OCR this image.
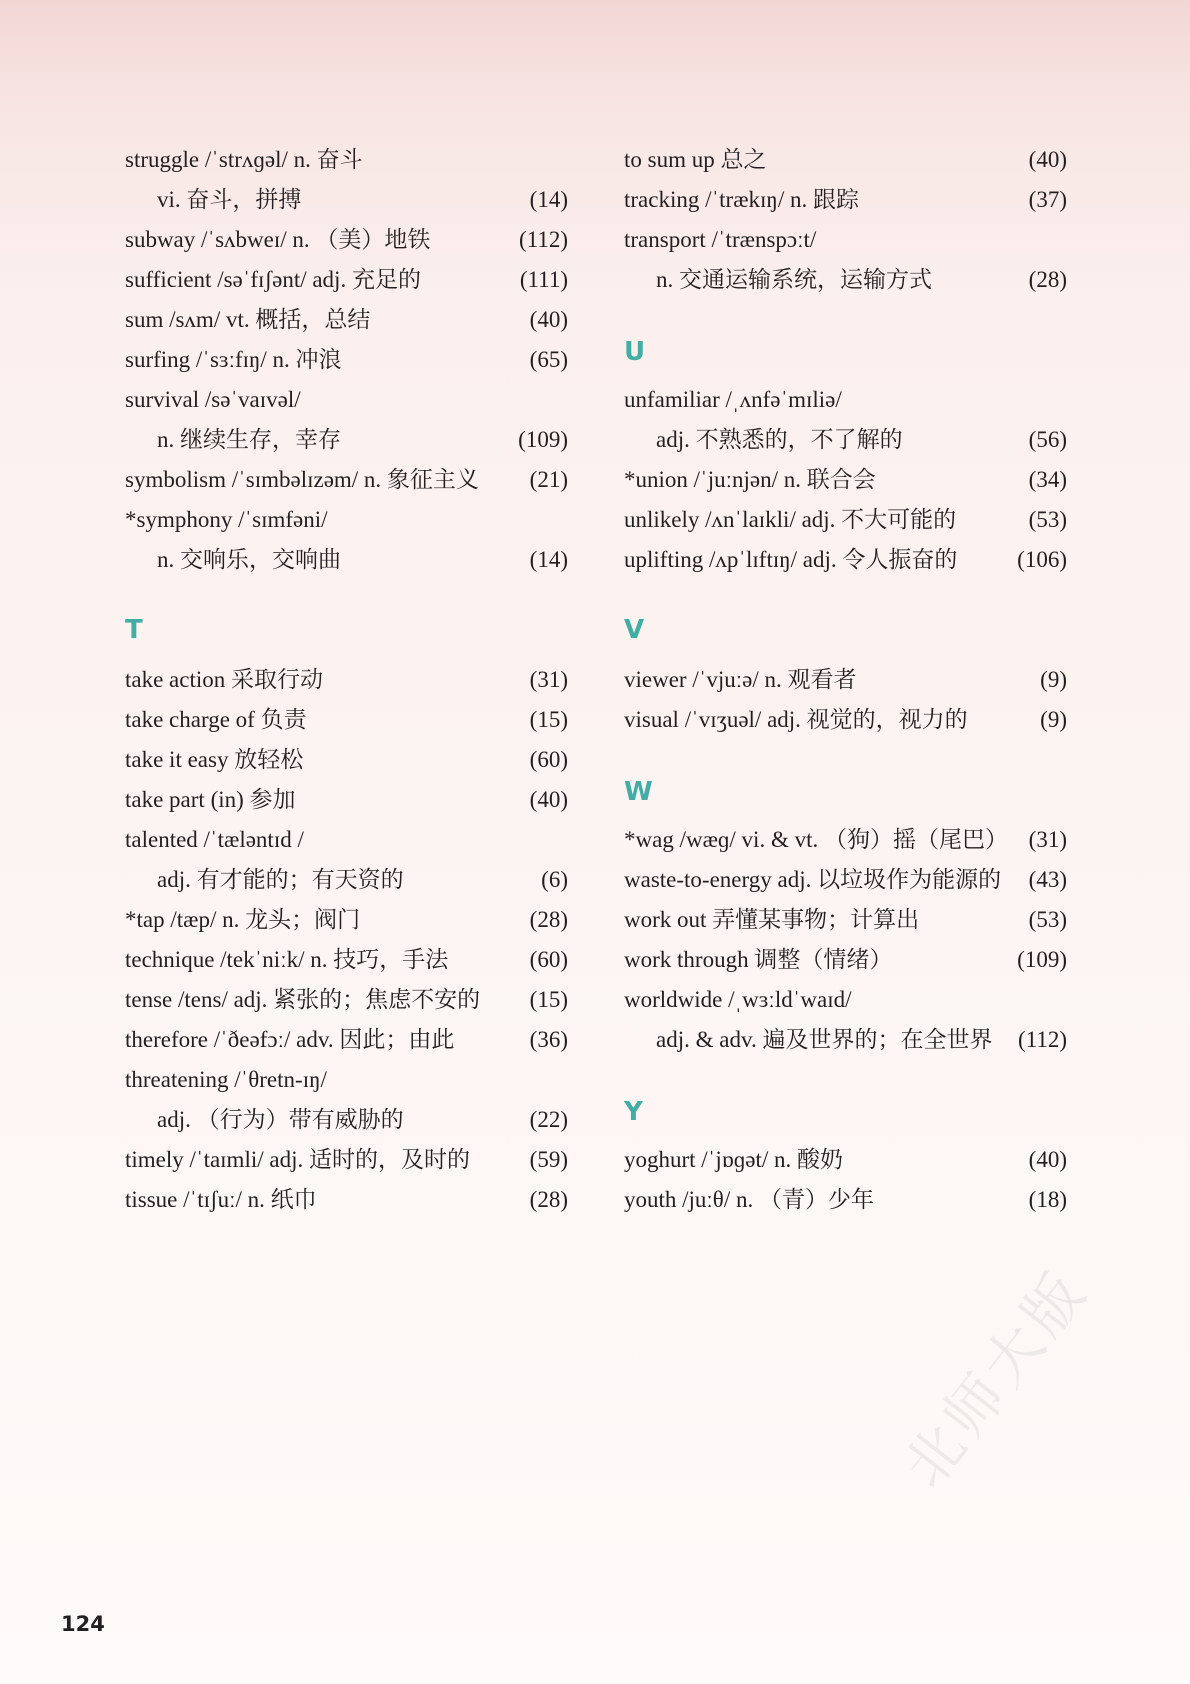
struggle /ˈstrʌɡəl/ n. 奋斗
vi. 奋斗，拼搏	(14)
subway /ˈsʌbweɪ/ n. （美）地铁	(112)
sufficient /səˈfɪʃənt/ adj. 充足的	(111)
sum /sʌm/ vt. 概括，总结	(40)
surfing /ˈsɜːfɪŋ/ n. 冲浪	(65)
survival /səˈvaɪvəl/
n. 继续生存，幸存	(109)
symbolism /ˈsɪmbəlɪzəm/ n. 象征主义 (21)
*symphony /ˈsɪmfəni/
n. 交响乐，交响曲	(14)
T
take action 采取行动	(31)
take charge of 负责	(15)
take it easy 放轻松	(60)
take part (in) 参加	(40)
talented /ˈtæləntɪd /
adj. 有才能的；有天资的	(6)
*tap /tæp/ n. 龙头；阀门	(28)
technique /tekˈniːk/ n. 技巧，手法	(60)
tense /tens/ adj. 紧张的；焦虑不安的 (15)
therefore /ˈðeəfɔː/ adv. 因此；由此	(36)
threatening /ˈθretn-ɪŋ/
adj. （行为）带有威胁的	(22)
timely /ˈtaɪmli/ adj. 适时的，及时的	(59)
tissue /ˈtɪʃuː/ n. 纸巾	(28)
to sum up 总之	(40)
tracking /ˈtrækɪŋ/ n. 跟踪	(37)
transport /ˈtrænspɔːt/
n. 交通运输系统，运输方式	(28)
U
unfamiliar /ˌʌnfəˈmɪliə/
adj. 不熟悉的，不了解的	(56)
*union /ˈjuːnjən/ n. 联合会	(34)
unlikely /ʌnˈlaɪkli/ adj. 不大可能的	(53)
uplifting /ʌpˈlɪftɪŋ/ adj. 令人振奋的	(106)
V
viewer /ˈvjuːə/ n. 观看者	(9)
visual /ˈvɪʒuəl/ adj. 视觉的，视力的	(9)
W
*wag /wæɡ/ vi. & vt. （狗）摇（尾巴） (31)
waste-to-energy adj. 以垃圾作为能源的 (43)
work out 弄懂某事物；计算出	(53)
work through 调整（情绪）	(109)
worldwide /ˌwɜːldˈwaɪd/
adj. & adv. 遍及世界的；在全世界 (112)
Y
yoghurt /ˈjɒɡət/ n. 酸奶	(40)
youth /juːθ/ n. （青）少年	(18)
124
北师大版
